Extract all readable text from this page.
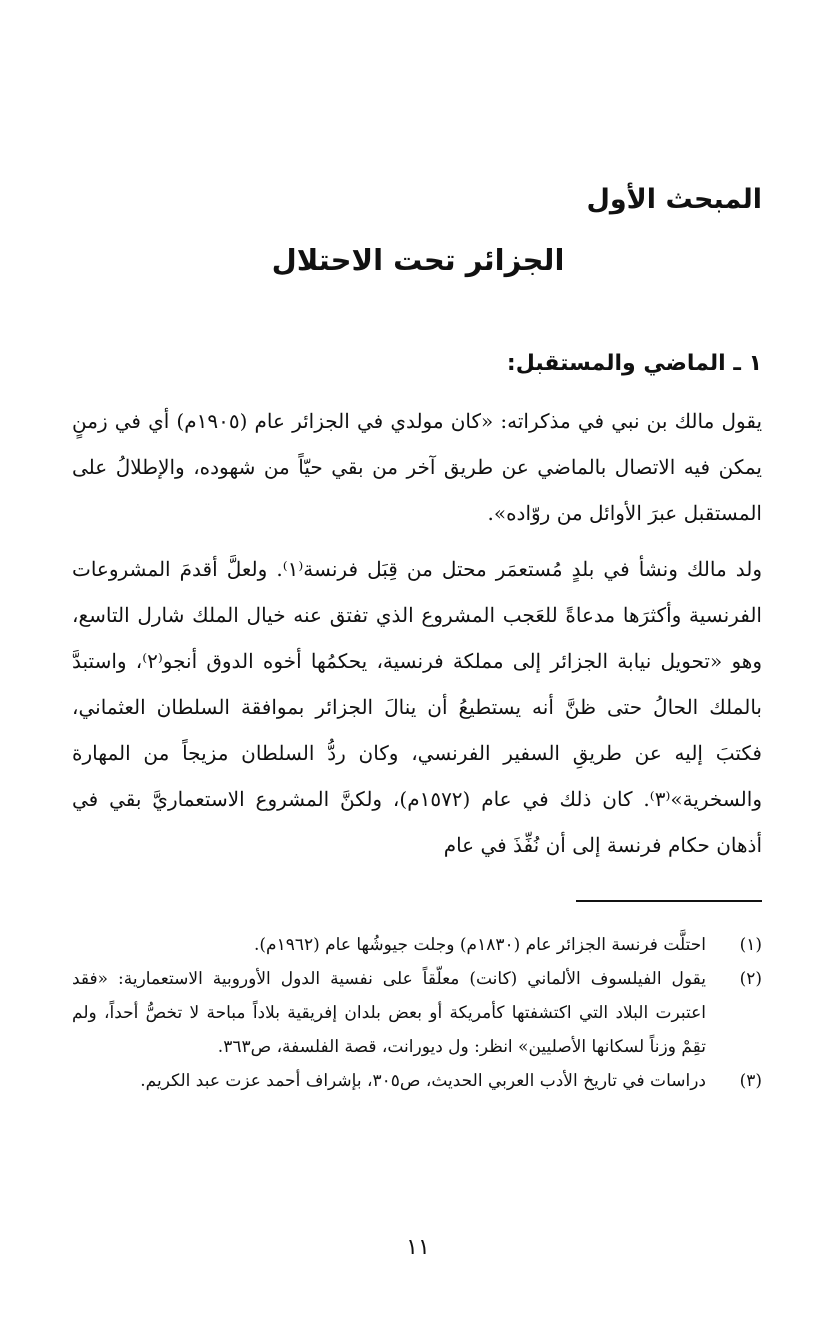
المبحث الأول
الجزائر تحت الاحتلال
١ ـ الماضي والمستقبل:

يقول مالك بن نبي في مذكراته: «كان مولدي في الجزائر عام (١٩٠٥م) أي في زمنٍ يمكن فيه الاتصال بالماضي عن طريق آخر من بقي حيّاً من شهوده، والإطلالُ على المستقبل عبرَ الأوائل من روّاده».

ولد مالك ونشأ في بلدٍ مُستعمَر محتل من قِبَل فرنسة⁽١⁾. ولعلَّ أقدمَ المشروعات الفرنسية وأكثرَها مدعاةً للعَجب المشروع الذي تفتق عنه خيال الملك شارل التاسع، وهو «تحويل نيابة الجزائر إلى مملكة فرنسية، يحكمُها أخوه الدوق أنجو⁽٢⁾، واستبدَّ بالملك الحالُ حتى ظنَّ أنه يستطيعُ أن ينالَ الجزائر بموافقة السلطان العثماني، فكتبَ إليه عن طريقِ السفير الفرنسي، وكان ردُّ السلطان مزيجاً من المهارة والسخرية»⁽٣⁾. كان ذلك في عام (١٥٧٢م)، ولكنَّ المشروع الاستعماريَّ بقي في أذهان حكام فرنسة إلى أن نُفِّذَ في عام

(١)
احتلَّت فرنسة الجزائر عام (١٨٣٠م) وجلت جيوشُها عام (١٩٦٢م).
(٢)
يقول الفيلسوف الألماني (كانت) معلّقاً على نفسية الدول الأوروبية الاستعمارية: «فقد اعتبرت البلاد التي اكتشفتها كأمريكة أو بعض بلدان إفريقية بلاداً مباحة لا تخصُّ أحداً، ولم تقِمْ وزناً لسكانها الأصليين» انظر: ول ديورانت، قصة الفلسفة، ص٣٦٣.
(٣)
دراسات في تاريخ الأدب العربي الحديث، ص٣٠٥، بإشراف أحمد عزت عبد الكريم.
١١
